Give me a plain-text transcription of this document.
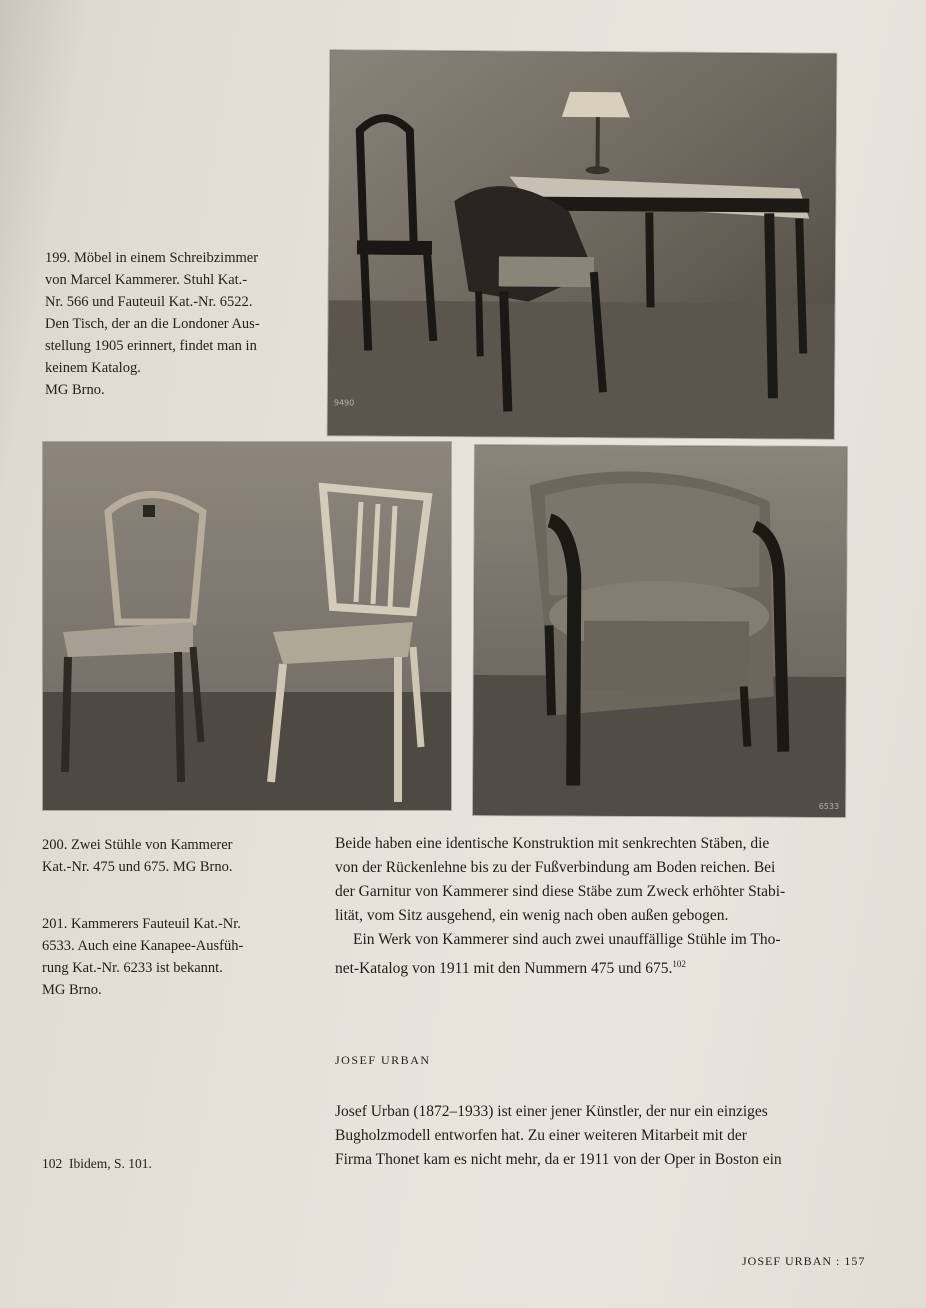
9490
199. Möbel in einem Schreibzimmer
von Marcel Kammerer. Stuhl Kat.-
Nr. 566 und Fauteuil Kat.-Nr. 6522.
Den Tisch, der an die Londoner Aus-
stellung 1905 erinnert, findet man in
keinem Katalog.
MG Brno.
6533
200. Zwei Stühle von Kammerer
Kat.-Nr. 475 und 675. MG Brno.
201. Kammerers Fauteuil Kat.-Nr.
6533. Auch eine Kanapee-Ausfüh-
rung Kat.-Nr. 6233 ist bekannt.
MG Brno.
Beide haben eine identische Konstruktion mit senkrechten Stäben, die
von der Rückenlehne bis zu der Fußverbindung am Boden reichen. Bei
der Garnitur von Kammerer sind diese Stäbe zum Zweck erhöhter Stabi-
lität, vom Sitz ausgehend, ein wenig nach oben außen gebogen.
Ein Werk von Kammerer sind auch zwei unauffällige Stühle im Tho-
net-Katalog von 1911 mit den Nummern 475 und 675.$^{102}$
JOSEF URBAN
Josef Urban (1872–1933) ist einer jener Künstler, der nur ein einziges
Bugholzmodell entworfen hat. Zu einer weiteren Mitarbeit mit der
Firma Thonet kam es nicht mehr, da er 1911 von der Oper in Boston ein
102  Ibidem, S. 101.
JOSEF URBAN : 157
